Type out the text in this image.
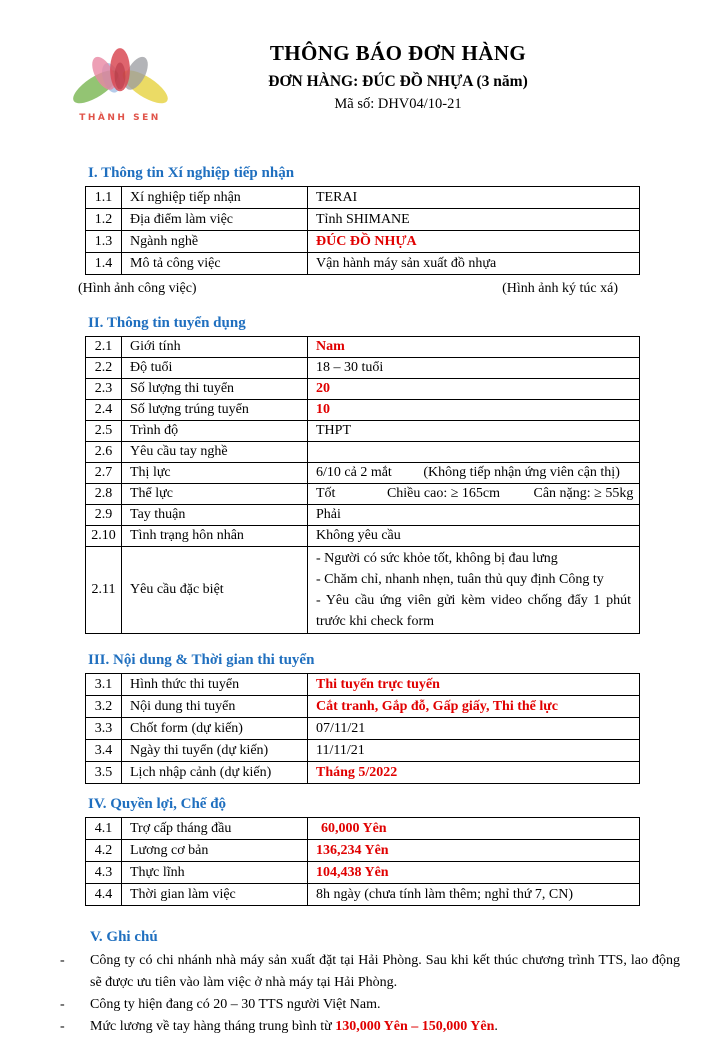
THÀNH SEN
THÔNG BÁO ĐƠN HÀNG
ĐƠN HÀNG: ĐÚC ĐỒ NHỰA (3 năm)
Mã số: DHV04/10-21
I. Thông tin Xí nghiệp tiếp nhận
1.1	Xí nghiệp tiếp nhận	TERAI
1.2	Địa điểm làm việc	Tỉnh SHIMANE
1.3	Ngành nghề	ĐÚC ĐỒ NHỰA
1.4	Mô tả công việc	Vận hành máy sản xuất đồ nhựa
(Hình ảnh công việc)	(Hình ảnh ký túc xá)
II. Thông tin tuyển dụng
2.1	Giới tính	Nam
2.2	Độ tuổi	18 – 30 tuổi
2.3	Số lượng thi tuyển	20
2.4	Số lượng trúng tuyển	10
2.5	Trình độ	THPT
2.6	Yêu cầu tay nghề	
2.7	Thị lực	6/10 cả 2 mắt (Không tiếp nhận ứng viên cận thị)
2.8	Thể lực	Tốt Chiều cao: ≥ 165cm Cân nặng: ≥ 55kg
2.9	Tay thuận	Phải
2.10	Tình trạng hôn nhân	Không yêu cầu
2.11	Yêu cầu đặc biệt	- Người có sức khỏe tốt, không bị đau lưng
- Chăm chỉ, nhanh nhẹn, tuân thủ quy định Công ty
- Yêu cầu ứng viên gửi kèm video chống đẩy 1 phút trước khi check form
III. Nội dung & Thời gian thi tuyển
3.1	Hình thức thi tuyển	Thi tuyển trực tuyến
3.2	Nội dung thi tuyển	Cắt tranh, Gắp đỗ, Gấp giấy, Thi thể lực
3.3	Chốt form (dự kiến)	07/11/21
3.4	Ngày thi tuyển (dự kiến)	11/11/21
3.5	Lịch nhập cảnh (dự kiến)	Tháng 5/2022
IV. Quyền lợi, Chế độ
4.1	Trợ cấp tháng đầu	60,000 Yên
4.2	Lương cơ bản	136,234 Yên
4.3	Thực lĩnh	104,438 Yên
4.4	Thời gian làm việc	8h ngày (chưa tính làm thêm; nghỉ thứ 7, CN)
V. Ghi chú
-	Công ty có chi nhánh nhà máy sản xuất đặt tại Hải Phòng. Sau khi kết thúc chương trình TTS, lao động sẽ được ưu tiên vào làm việc ở nhà máy tại Hải Phòng.
-	Công ty hiện đang có 20 – 30 TTS người Việt Nam.
-	Mức lương về tay hàng tháng trung bình từ 130,000 Yên – 150,000 Yên.
